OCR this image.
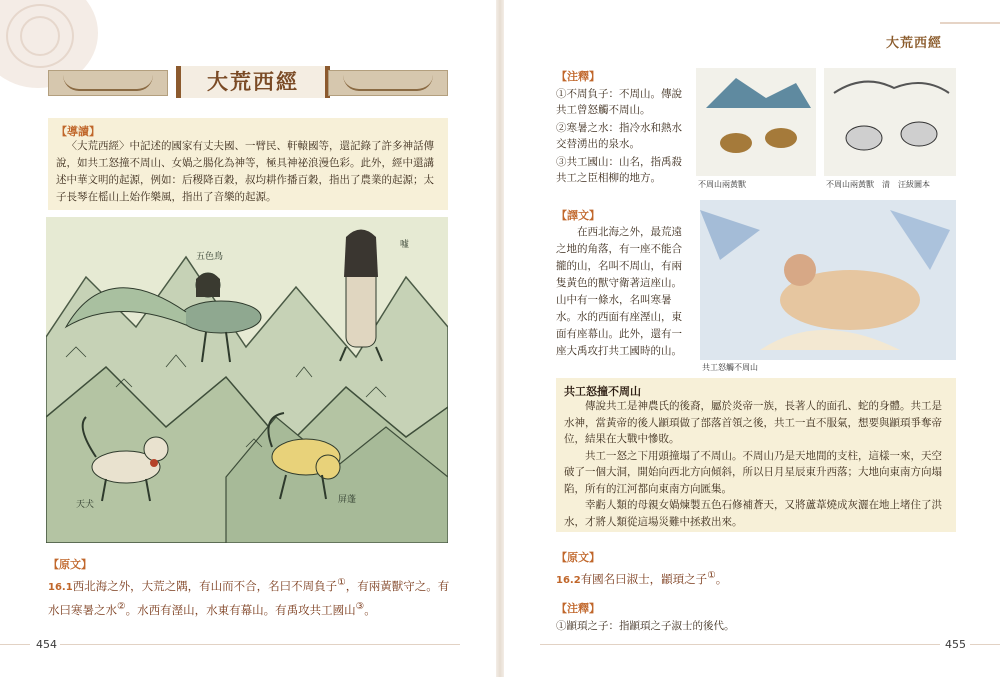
大荒西經
【導讀】
〈大荒西經〉中記述的國家有丈夫國、一臂民、軒轅國等，還記錄了許多神話傳說，如共工怒撞不周山、女媧之腸化為神等，極具神祕浪漫色彩。此外，經中還講述中華文明的起源，例如：后稷降百穀，叔均耕作播百穀，指出了農業的起源；太子長琴在榣山上始作樂風，指出了音樂的起源。
五色鳥
噓
天犬	屏蓬
【原文】
16.1西北海之外，大荒之隅，有山而不合，名曰不周負子①，有兩黃獸守之。有水曰寒暑之水②。水西有溼山，水東有幕山。有禹攻共工國山③。
454
大荒西經
【注釋】
①不周負子：不周山。傳說共工曾怒觸不周山。
②寒暑之水：指冷水和熱水交替湧出的泉水。
③共工國山：山名，指禹殺共工之臣相柳的地方。
不周山兩黃獸	不周山兩黃獸　清　汪紱圖本
【譯文】
在西北海之外，最荒遠之地的角落，有一座不能合攏的山，名叫不周山，有兩隻黃色的獸守衛著這座山。山中有一條水，名叫寒暑水。水的西面有座溼山，東面有座幕山。此外，還有一座大禹攻打共工國時的山。
共工怒觸不周山
共工怒撞不周山

傳說共工是神農氏的後裔，屬於炎帝一族，長著人的面孔、蛇的身體。共工是水神，當黃帝的後人顓頊做了部落首領之後，共工一直不服氣，想要與顓頊爭奪帝位，結果在大戰中慘敗。

共工一怒之下用頭撞塌了不周山。不周山乃是天地間的支柱，這樣一來，天空破了一個大洞，開始向西北方向傾斜，所以日月星辰東升西落；大地向東南方向塌陷，所有的江河都向東南方向匯集。

幸虧人類的母親女媧煉製五色石修補蒼天，又將蘆葦燒成灰灑在地上堵住了洪水，才將人類從這場災難中拯救出來。

【原文】
16.2有國名曰淑士，顓頊之子①。
【注釋】
①顓頊之子：指顓頊之子淑士的後代。
455
